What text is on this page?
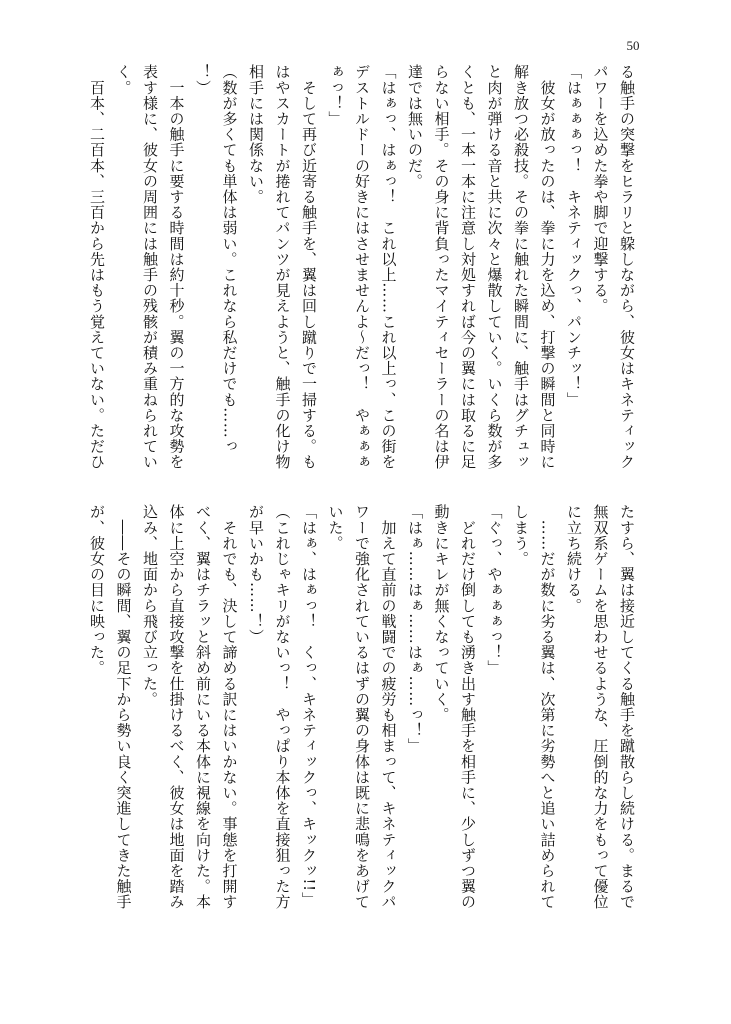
50
る触手の突撃をヒラリと躱しながら、彼女はキネティック
パワーを込めた拳や脚で迎撃する。
「はぁぁぁっ！　キネティックっ、パンチッ！」
　彼女が放ったのは、拳に力を込め、打撃の瞬間と同時に
解き放つ必殺技。その拳に触れた瞬間に、触手はグチュッ
と肉が弾ける音と共に次々と爆散していく。いくら数が多
くとも、一本一本に注意し対処すれば今の翼には取るに足
らない相手。その身に背負ったマイティセーラーの名は伊
達では無いのだ。
「はぁっ、はぁっ！　これ以上……これ以上っ、この街を
デストルドーの好きにはさせませんよ～だっ！　やぁぁぁ
ぁっ！」
　そして再び近寄る触手を、翼は回し蹴りで一掃する。も
はやスカートが捲れてパンツが見えようと、触手の化け物
相手には関係ない。
（数が多くても単体は弱い。これなら私だけでも……っ
！）
　一本の触手に要する時間は約十秒。翼の一方的な攻勢を
表す様に、彼女の周囲には触手の残骸が積み重ねられてい
く。
　百本、二百本、三百から先はもう覚えていない。ただひ
たすら、翼は接近してくる触手を蹴散らし続ける。まるで
無双系ゲームを思わせるような、圧倒的な力をもって優位
に立ち続ける。
　……だが数に劣る翼は、次第に劣勢へと追い詰められて
しまう。
「ぐっ、やぁぁぁっ！」
　どれだけ倒しても湧き出す触手を相手に、少しずつ翼の
動きにキレが無くなっていく。
「はぁ……はぁ……はぁ……っ！」
　加えて直前の戦闘での疲労も相まって、キネティックパ
ワーで強化されているはずの翼の身体は既に悲鳴をあげて
いた。
「はぁ、はぁっ！　くっ、キネティックっ、キックッ!!」
（これじゃキリがないっ！　やっぱり本体を直接狙った方
が早いかも……！）
　それでも、決して諦める訳にはいかない。事態を打開す
べく、翼はチラッと斜め前にいる本体に視線を向けた。本
体に上空から直接攻撃を仕掛けるべく、彼女は地面を踏み
込み、地面から飛び立った。
　――その瞬間、翼の足下から勢い良く突進してきた触手
が、彼女の目に映った。
